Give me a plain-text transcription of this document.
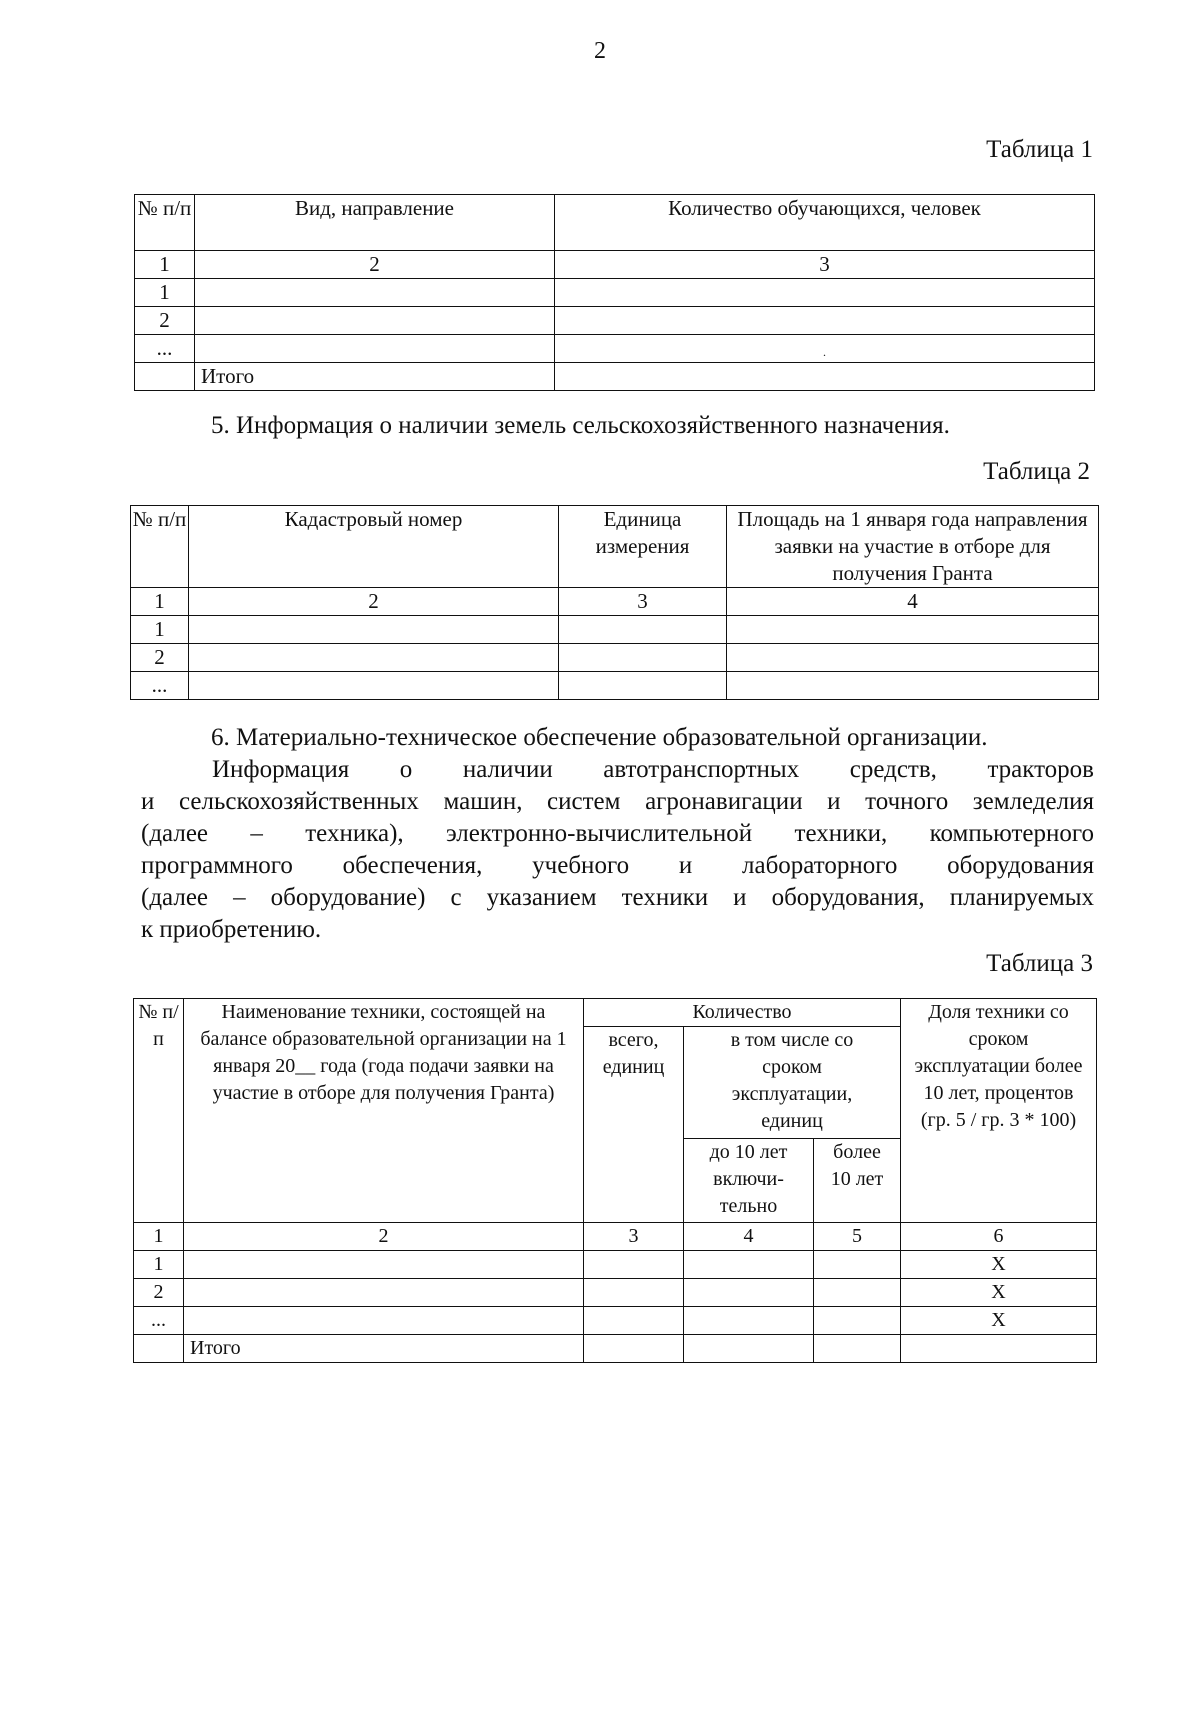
2
Таблица 1
№ п/п	Вид, направление	Количество обучающихся, человек
1	2	3
1		
2		
...		.
	Итого	
5. Информация о наличии земель сельскохозяйственного назначения.
Таблица 2
№ п/п	Кадастровый номер	Единица измерения	Площадь на 1 января года направления заявки на участие в отборе для получения Гранта
1	2	3	4
1			
2			
...			
6. Материально-техническое обеспечение образовательной организации.
Информация о наличии автотранспортных средств, тракторов
и сельскохозяйственных машин, систем агронавигации и точного земледелия
(далее – техника), электронно-вычислительной техники, компьютерного
программного обеспечения, учебного и лабораторного оборудования
(далее – оборудование) с указанием техники и оборудования, планируемых
к приобретению.
Таблица 3
№ п/п	Наименование техники, состоящей на балансе образовательной организации на 1 января 20__ года (года подачи заявки на участие в отборе для получения Гранта)	Количество			Доля техники со сроком эксплуатации более 10 лет, процентов (гр. 5 / гр. 3 * 100)
		всего, единиц	в том числе со сроком эксплуатации, единиц		
			до 10 лет включи-тельно	более 10 лет	
1	2	3	4	5	6
1					X
2					X
...					X
	Итого				
